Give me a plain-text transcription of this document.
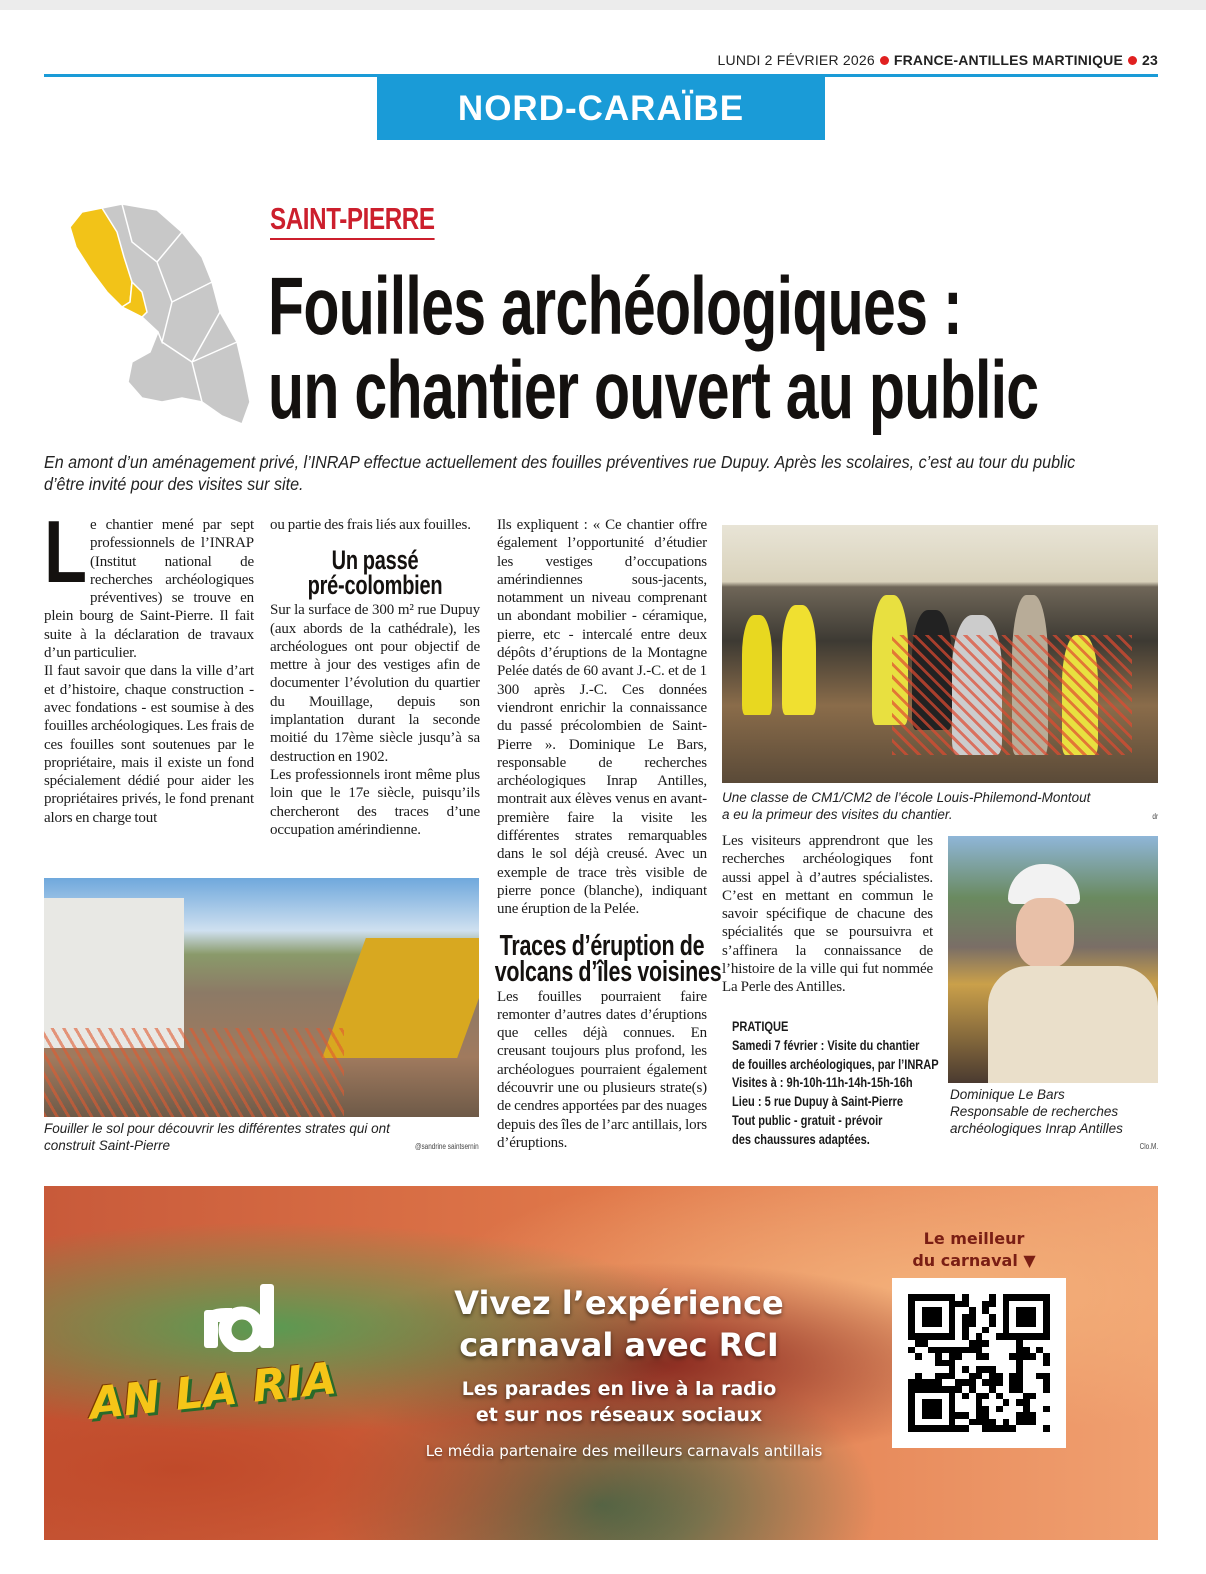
LUNDI 2 FÉVRIER 2026 FRANCE-ANTILLES MARTINIQUE 23
NORD-CARAÏBE
SAINT-PIERRE
Fouilles archéologiques :
un chantier ouvert au public
En amont d’un aménagement privé, l’INRAP effectue actuellement des fouilles préventives rue Dupuy. Après les scolaires, c’est au tour du public d’être invité pour des visites sur site.
L e chantier mené par sept professionnels de l’INRAP (Institut national de recherches archéologiques préventives) se trouve en plein bourg de Saint-Pierre. Il fait suite à la déclaration de travaux d’un particulier.

Il faut savoir que dans la ville d’art et d’histoire, chaque construction - avec fondations - est soumise à des fouilles archéologiques. Les frais de ces fouilles sont soutenues par le propriétaire, mais il existe un fond spécialement dédié pour aider les propriétaires privés, le fond prenant alors en charge tout

ou partie des frais liés aux fouilles.

Un passé
pré-colombien

Sur la surface de 300 m² rue Dupuy (aux abords de la cathédrale), les archéologues ont pour objectif de mettre à jour des vestiges afin de documenter l’évolution du quartier du Mouillage, depuis son implantation durant la seconde moitié du 17ème siècle jusqu’à sa destruction en 1902.

Les professionnels iront même plus loin que le 17e siècle, puisqu’ils chercheront des traces d’une occupation amérindienne.

Ils expliquent : « Ce chantier offre également l’opportunité d’étudier les vestiges d’occupations amérindiennes sous-jacents, notamment un niveau comprenant un abondant mobilier - céramique, pierre, etc - intercalé entre deux dépôts d’éruptions de la Montagne Pelée datés de 60 avant J.-C. et de 1 300 après J.-C. Ces données viendront enrichir la connaissance du passé précolombien de Saint-Pierre ». Dominique Le Bars, responsable de recherches archéologiques Inrap Antilles, montrait aux élèves venus en avant-première faire la visite les différentes strates remarquables dans le sol déjà creusé. Avec un exemple de trace très visible de pierre ponce (blanche), indiquant une éruption de la Pelée.

Traces d’éruption de
volcans d’îles voisines

Les fouilles pourraient faire remonter d’autres dates d’éruptions que celles déjà connues. En creusant toujours plus profond, les archéologues pourraient également découvrir une ou plusieurs strate(s) de cendres apportées par des nuages depuis des îles de l’arc antillais, lors d’éruptions.

Une classe de CM1/CM2 de l’école Louis-Philemond-Montout
a eu la primeur des visites du chantier.	dr
Fouiller le sol pour découvrir les différentes strates qui ont
construit Saint-Pierre	@sandrine saintsernin

Les visiteurs apprendront que les recherches archéologiques font aussi appel à d’autres spécialistes. C’est en mettant en commun le savoir spécifique de chacune des spécialités que se poursuivra et s’affinera la connaissance de l’histoire de la ville qui fut nommée La Perle des Antilles.

PRATIQUE
Samedi 7 février : Visite du chantier
de fouilles archéologiques, par l’INRAP
Visites à : 9h-10h-11h-14h-15h-16h
Lieu : 5 rue Dupuy à Saint-Pierre
Tout public - gratuit - prévoir
des chaussures adaptées.
Dominique Le Bars
Responsable de recherches
archéologiques Inrap Antilles
Clo.M.
AN LA RIA
Vivez l’expérience
carnaval avec RCI
Les parades en live à la radio
et sur nos réseaux sociaux
Le média partenaire des meilleurs carnavals antillais
Le meilleur
du carnaval ▼
